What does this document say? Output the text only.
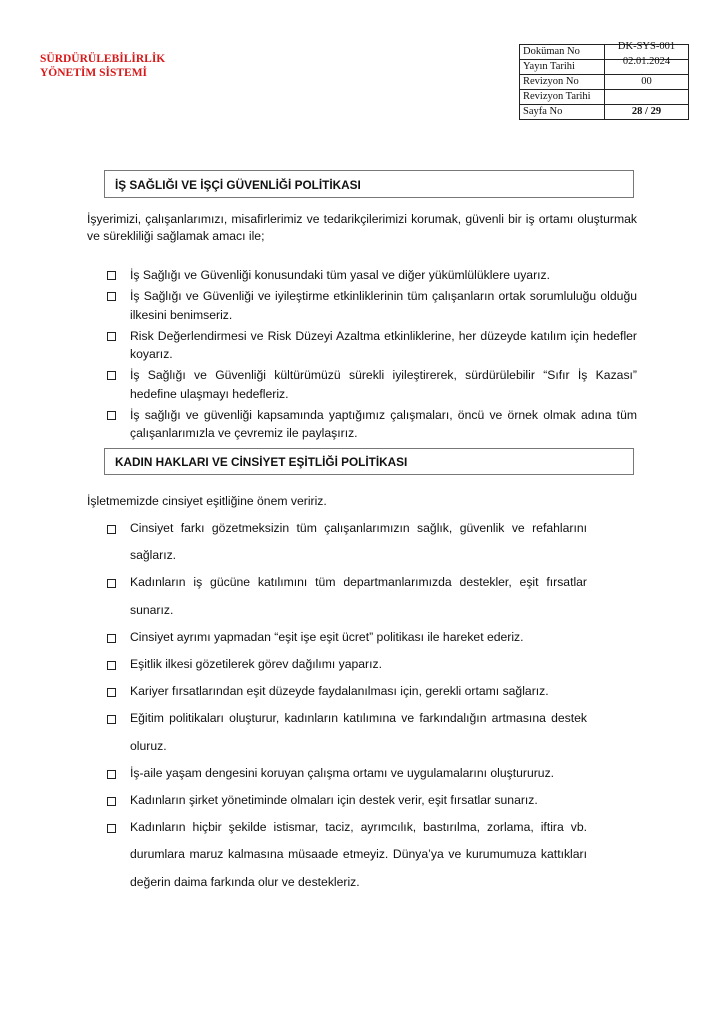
SÜRDÜRÜLEBİLİRLİK
YÖNETİM SİSTEMİ
Doküman No	DK-SYS-001
Yayın Tarihi	02.01.2024
Revizyon No	00
Revizyon Tarihi	
Sayfa No	28 / 29
İŞ SAĞLIĞI VE İŞÇİ GÜVENLİĞİ POLİTİKASI
İşyerimizi, çalışanlarımızı, misafirlerimiz ve tedarikçilerimizi korumak, güvenli bir iş ortamı oluşturmak ve sürekliliği sağlamak amacı ile;
İş Sağlığı ve Güvenliği konusundaki tüm yasal ve diğer yükümlülüklere uyarız.
İş Sağlığı ve Güvenliği ve iyileştirme etkinliklerinin tüm çalışanların ortak sorumluluğu olduğu ilkesini benimseriz.
Risk Değerlendirmesi ve Risk Düzeyi Azaltma etkinliklerine, her düzeyde katılım için hedefler koyarız.
İş Sağlığı ve Güvenliği kültürümüzü sürekli iyileştirerek, sürdürülebilir “Sıfır İş Kazası” hedefine ulaşmayı hedefleriz.
İş sağlığı ve güvenliği kapsamında yaptığımız çalışmaları, öncü ve örnek olmak adına tüm çalışanlarımızla ve çevremiz ile paylaşırız.
KADIN HAKLARI VE CİNSİYET EŞİTLİĞİ POLİTİKASI
İşletmemizde cinsiyet eşitliğine önem veririz.
Cinsiyet farkı gözetmeksizin tüm çalışanlarımızın sağlık, güvenlik ve refahlarını sağlarız.
Kadınların iş gücüne katılımını tüm departmanlarımızda destekler, eşit fırsatlar sunarız.
Cinsiyet ayrımı yapmadan “eşit işe eşit ücret” politikası ile hareket ederiz.
Eşitlik ilkesi gözetilerek görev dağılımı yaparız.
Kariyer fırsatlarından eşit düzeyde faydalanılması için, gerekli ortamı sağlarız.
Eğitim politikaları oluşturur, kadınların katılımına ve farkındalığın artmasına destek oluruz.
İş-aile yaşam dengesini koruyan çalışma ortamı ve uygulamalarını oluştururuz.
Kadınların şirket yönetiminde olmaları için destek verir, eşit fırsatlar sunarız.
Kadınların hiçbir şekilde istismar, taciz, ayrımcılık, bastırılma, zorlama, iftira vb. durumlara maruz kalmasına müsaade etmeyiz. Dünya’ya ve kurumumuza kattıkları değerin daima farkında olur ve destekleriz.
